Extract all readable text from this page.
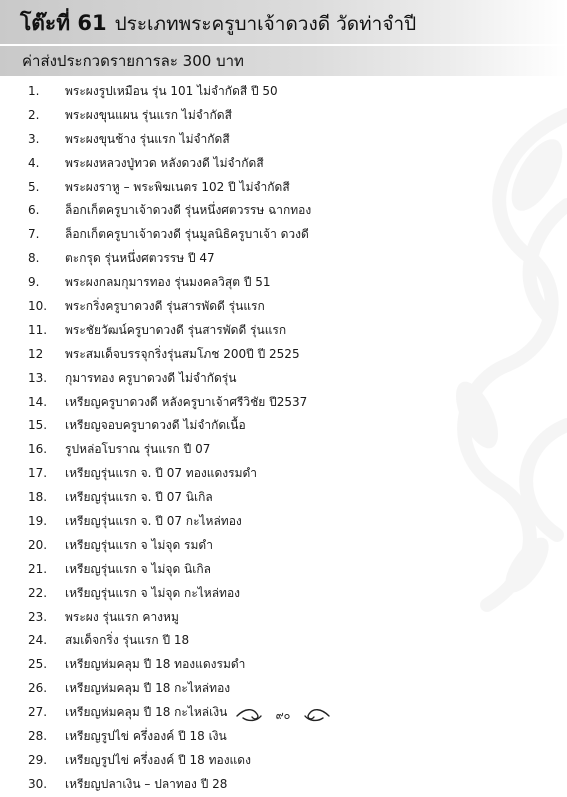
โต๊ะที่ 61 ประเภทพระครูบาเจ้าดวงดี วัดท่าจำปี
ค่าส่งประกวดรายการละ 300 บาท
1. พระผงรูปเหมือน รุ่น 101 ไม่จำกัดสี ปี 50
2. พระผงขุนแผน รุ่นแรก ไม่จำกัดสี
3. พระผงขุนช้าง รุ่นแรก ไม่จำกัดสี
4. พระผงหลวงปู่ทวด หลังดวงดี ไม่จำกัดสี
5. พระผงราหู – พระพิฆเนตร 102 ปี ไม่จำกัดสี
6. ล็อกเก็ตครูบาเจ้าดวงดี รุ่นหนึ่งศตวรรษ ฉากทอง
7. ล็อกเก็ตครูบาเจ้าดวงดี รุ่นมูลนิธิครูบาเจ้า ดวงดี
8. ตะกรุด รุ่นหนึ่งศตวรรษ ปี 47
9. พระผงกลมกุมารทอง รุ่นมงคลวิสุต ปี 51
10. พระกริ่งครูบาดวงดี รุ่นสารพัดดี รุ่นแรก
11. พระชัยวัฒน์ครูบาดวงดี รุ่นสารพัดดี รุ่นแรก
12 พระสมเด็จบรรจุกริ่งรุ่นสมโภช 200ปี ปี 2525
13. กุมารทอง ครูบาดวงดี ไม่จำกัดรุ่น
14. เหรียญครูบาดวงดี หลังครูบาเจ้าศรีวิชัย ปี2537
15. เหรียญจอบครูบาดวงดี ไม่จำกัดเนื้อ
16. รูปหล่อโบราณ รุ่นแรก ปี 07
17. เหรียญรุ่นแรก จ. ปี 07 ทองแดงรมดำ
18. เหรียญรุ่นแรก จ. ปี 07 นิเกิล
19. เหรียญรุ่นแรก จ. ปี 07 กะไหล่ทอง
20. เหรียญรุ่นแรก จ ไม่จุด รมดำ
21. เหรียญรุ่นแรก จ ไม่จุด นิเกิล
22. เหรียญรุ่นแรก จ ไม่จุด กะไหล่ทอง
23. พระผง รุ่นแรก คางหมู
24. สมเด็จกริ่ง รุ่นแรก ปี 18
25. เหรียญห่มคลุม ปี 18 ทองแดงรมดำ
26. เหรียญห่มคลุม ปี 18 กะไหล่ทอง
27. เหรียญห่มคลุม ปี 18 กะไหล่เงิน
28. เหรียญรูปไข่ ครึ่งองค์ ปี 18 เงิน
29. เหรียญรูปไข่ ครึ่งองค์ ปี 18 ทองแดง
30. เหรียญปลาเงิน – ปลาทอง ปี 28
๙๐
